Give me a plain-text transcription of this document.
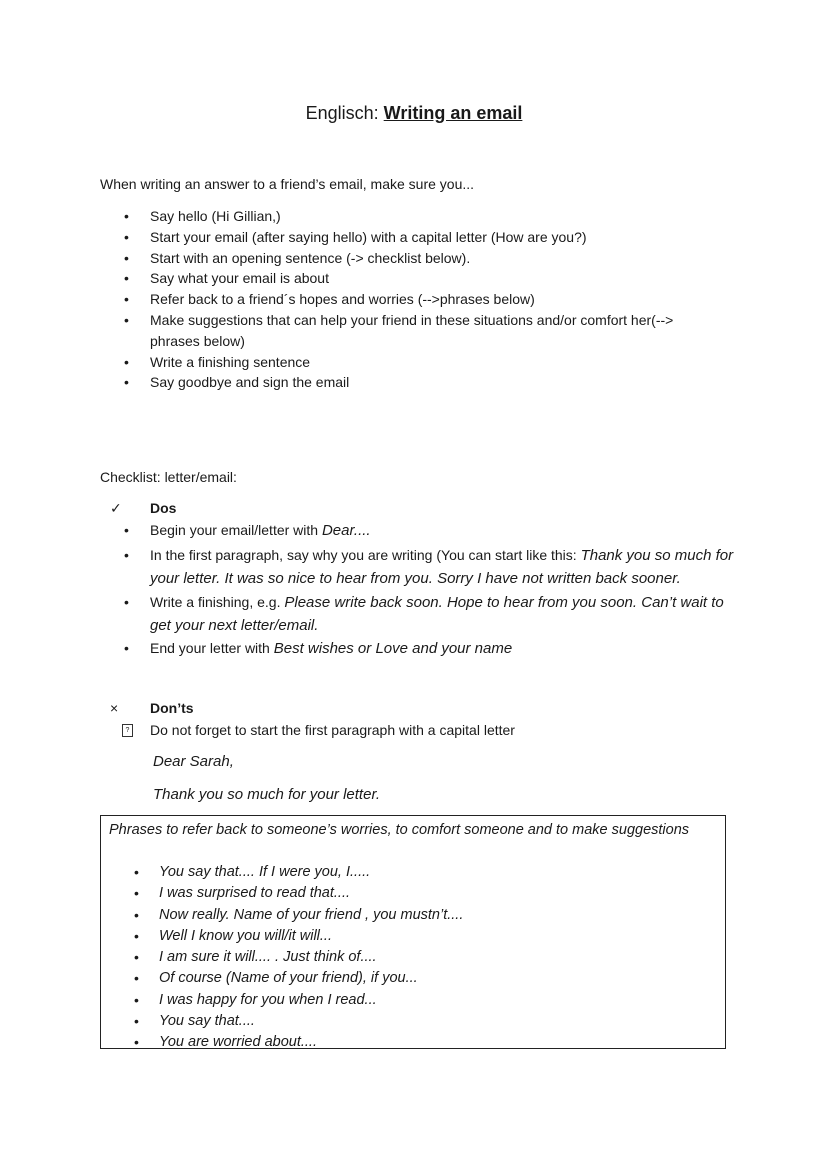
Englisch: Writing an email
When writing an answer to a friend’s email, make sure you...
• Say hello (Hi Gillian,)
• Start your email (after saying hello) with a capital letter (How are you?)
• Start with an opening sentence (-> checklist below).
• Say what your email is about
• Refer back to a friend´s hopes and worries (-->phrases below)
• Make suggestions that can help your friend in these situations and/or comfort her(--> phrases below)
• Write a finishing sentence
• Say goodbye and sign the email
Checklist: letter/email:
✓ Dos
• Begin your email/letter with Dear....
• In the first paragraph, say why you are writing (You can start like this: Thank you so much for your letter. It was so nice to hear from you. Sorry I have not written back sooner.
• Write a finishing, e.g. Please write back soon. Hope to hear from you soon. Can’t wait to get your next letter/email.
• End your letter with Best wishes or Love and your name
× Don’ts
? Do not forget to start the first paragraph with a capital letter
Dear Sarah,
Thank you so much for your letter.
Phrases to refer back to someone’s worries, to comfort someone and to make suggestions
• You say that.... If I were you, I.....
• I was surprised to read that....
• Now really. Name of your friend , you mustn’t....
• Well I know you will/it will...
• I am sure it will.... . Just think of....
• Of course (Name of your friend), if you...
• I was happy for you when I read...
• You say that....
• You are worried about....
